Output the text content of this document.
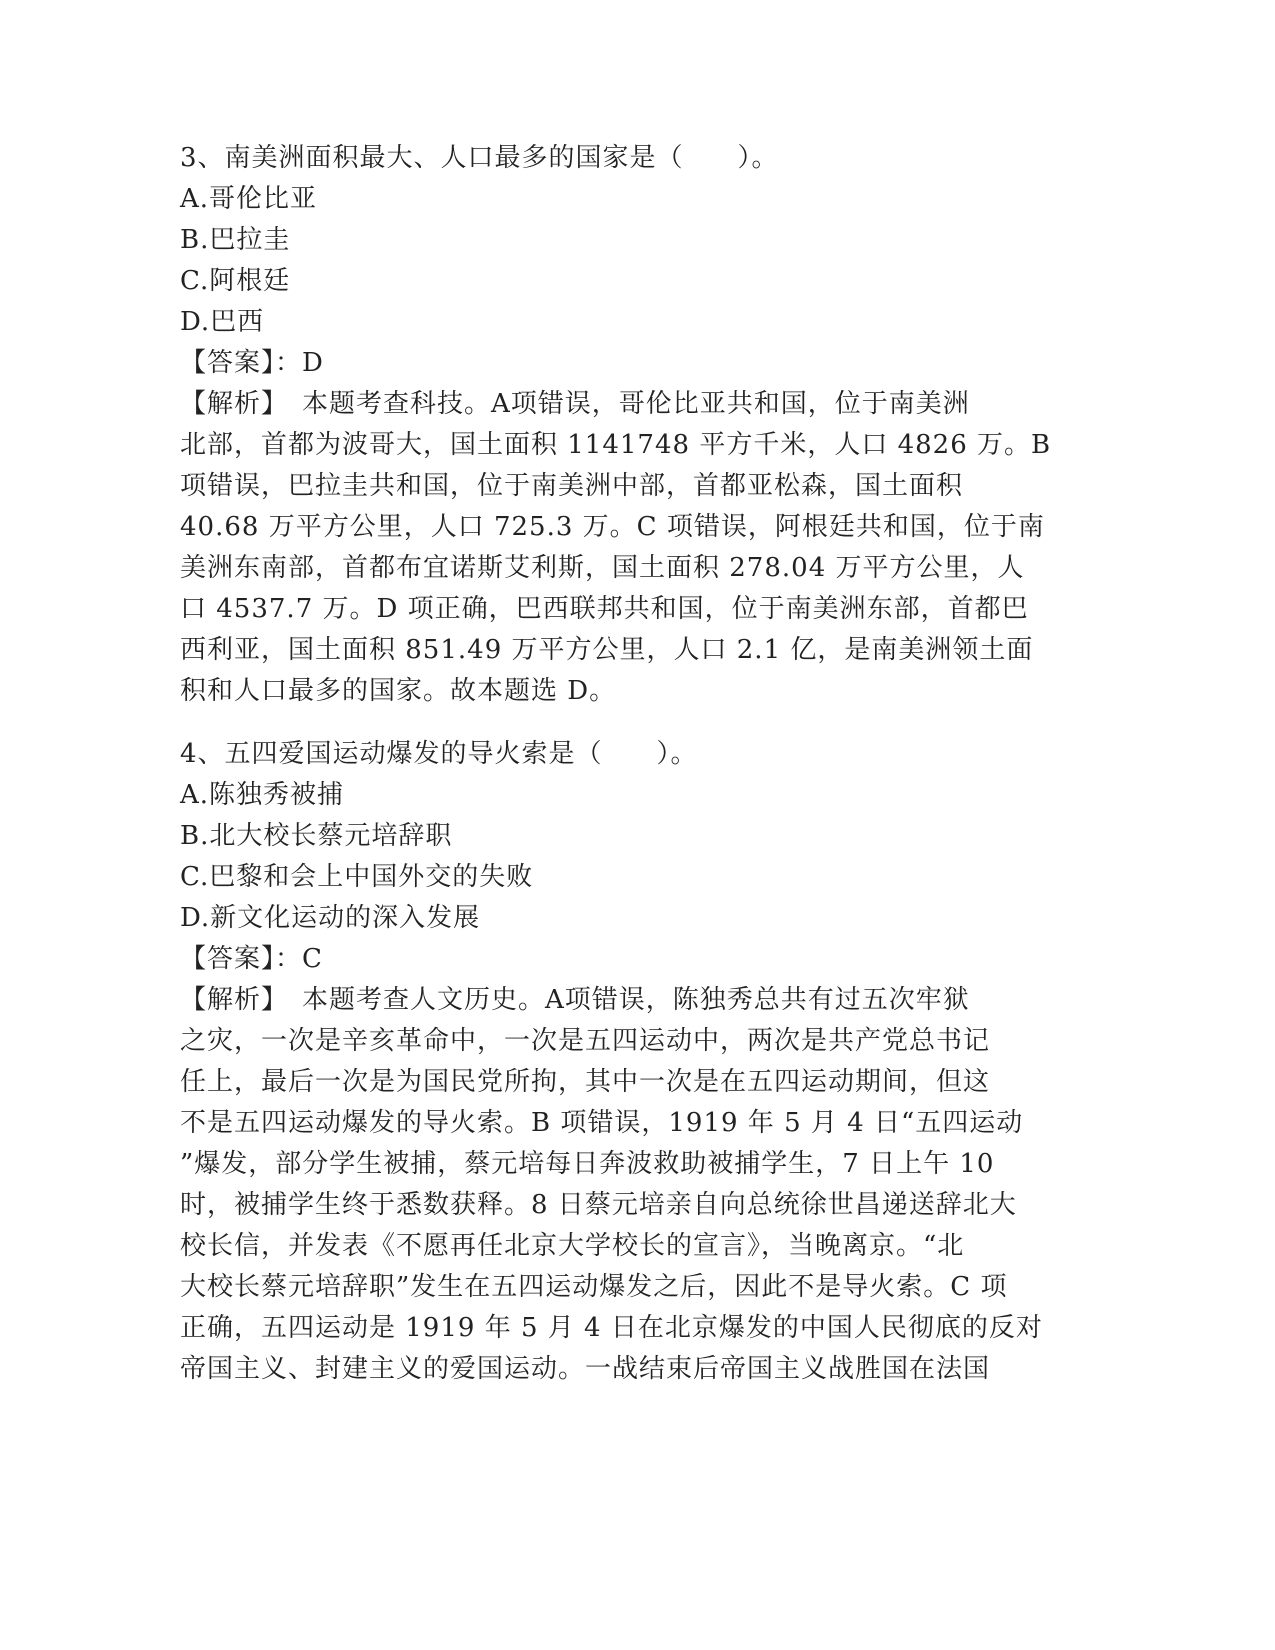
3、南美洲面积最大、人口最多的国家是（　　）。
A.哥伦比亚
B.巴拉圭
C.阿根廷
D.巴西
【答案】：D
【解析】　本题考查科技。A项错误，哥伦比亚共和国，位于南美洲
北部，首都为波哥大，国土面积 1141748 平方千米，人口 4826 万。B
项错误，巴拉圭共和国，位于南美洲中部，首都亚松森，国土面积
40.68 万平方公里，人口 725.3 万。C 项错误，阿根廷共和国，位于南
美洲东南部，首都布宜诺斯艾利斯，国土面积 278.04 万平方公里，人
口 4537.7 万。D 项正确，巴西联邦共和国，位于南美洲东部，首都巴
西利亚，国土面积 851.49 万平方公里，人口 2.1 亿，是南美洲领土面
积和人口最多的国家。故本题选 D。
4、五四爱国运动爆发的导火索是（　　）。
A.陈独秀被捕
B.北大校长蔡元培辞职
C.巴黎和会上中国外交的失败
D.新文化运动的深入发展
【答案】：C
【解析】　本题考查人文历史。A项错误，陈独秀总共有过五次牢狱
之灾，一次是辛亥革命中，一次是五四运动中，两次是共产党总书记
任上，最后一次是为国民党所拘，其中一次是在五四运动期间，但这
不是五四运动爆发的导火索。B 项错误，1919 年 5 月 4 日“五四运动
”爆发，部分学生被捕，蔡元培每日奔波救助被捕学生，7 日上午 10
时，被捕学生终于悉数获释。8 日蔡元培亲自向总统徐世昌递送辞北大
校长信，并发表《不愿再任北京大学校长的宣言》，当晚离京。“北
大校长蔡元培辞职”发生在五四运动爆发之后，因此不是导火索。C 项
正确，五四运动是 1919 年 5 月 4 日在北京爆发的中国人民彻底的反对
帝国主义、封建主义的爱国运动。一战结束后帝国主义战胜国在法国
